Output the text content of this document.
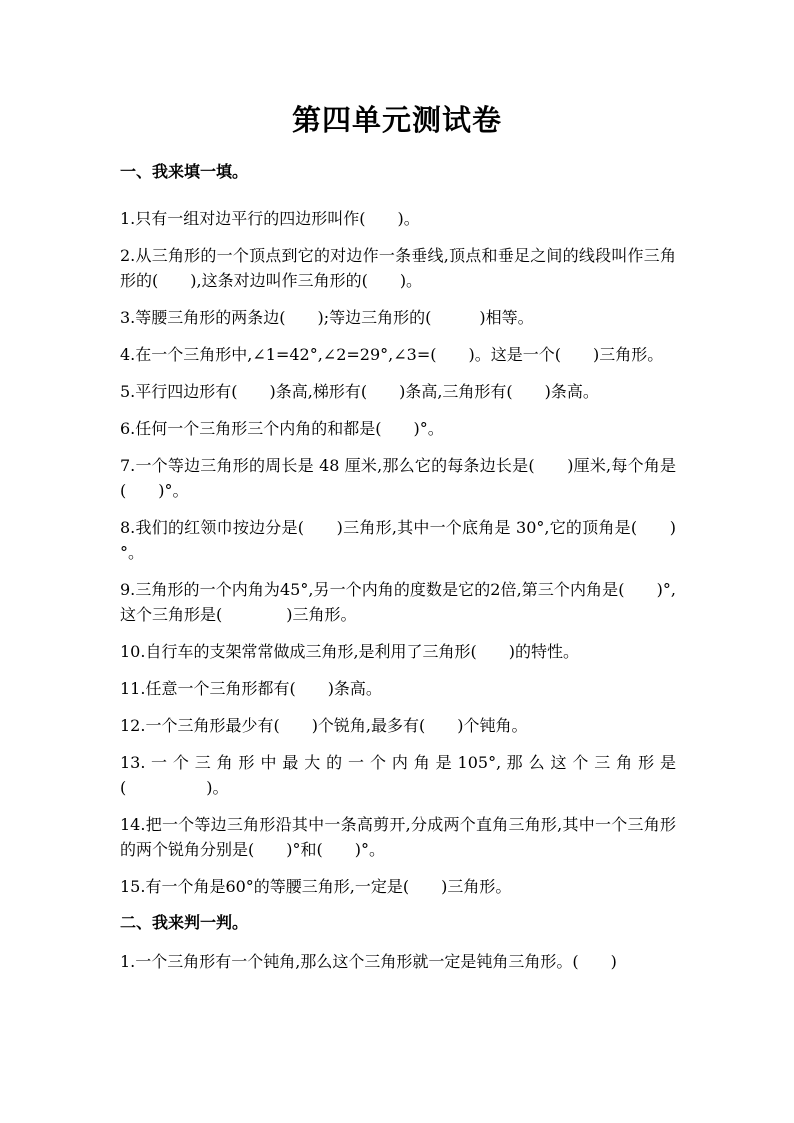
第四单元测试卷
一、我来填一填。
1.只有一组对边平行的四边形叫作(　　)。
2.从三角形的一个顶点到它的对边作一条垂线,顶点和垂足之间的线段叫作三角形的(　　),这条对边叫作三角形的(　　)。
3.等腰三角形的两条边(　　);等边三角形的(　　　)相等。
4.在一个三角形中,∠1=42°,∠2=29°,∠3=(　　)。这是一个(　　)三角形。
5.平行四边形有(　　)条高,梯形有(　　)条高,三角形有(　　)条高。
6.任何一个三角形三个内角的和都是(　　)°。
7.一个等边三角形的周长是 48 厘米,那么它的每条边长是(　　)厘米,每个角是(　　)°。
8.我们的红领巾按边分是(　　)三角形,其中一个底角是 30°,它的顶角是(　　)°。
9.三角形的一个内角为45°,另一个内角的度数是它的2倍,第三个内角是(　　)°,这个三角形是(　　　　)三角形。
10.自行车的支架常常做成三角形,是利用了三角形(　　)的特性。
11.任意一个三角形都有(　　)条高。
12.一个三角形最少有(　　)个锐角,最多有(　　)个钝角。
13. 一 个 三 角 形 中 最 大 的 一 个 内 角 是 105°, 那 么 这 个 三 角 形 是(　　　　　)。
14.把一个等边三角形沿其中一条高剪开,分成两个直角三角形,其中一个三角形的两个锐角分别是(　　)°和(　　)°。
15.有一个角是60°的等腰三角形,一定是(　　)三角形。
二、我来判一判。
1.一个三角形有一个钝角,那么这个三角形就一定是钝角三角形。(　　)
